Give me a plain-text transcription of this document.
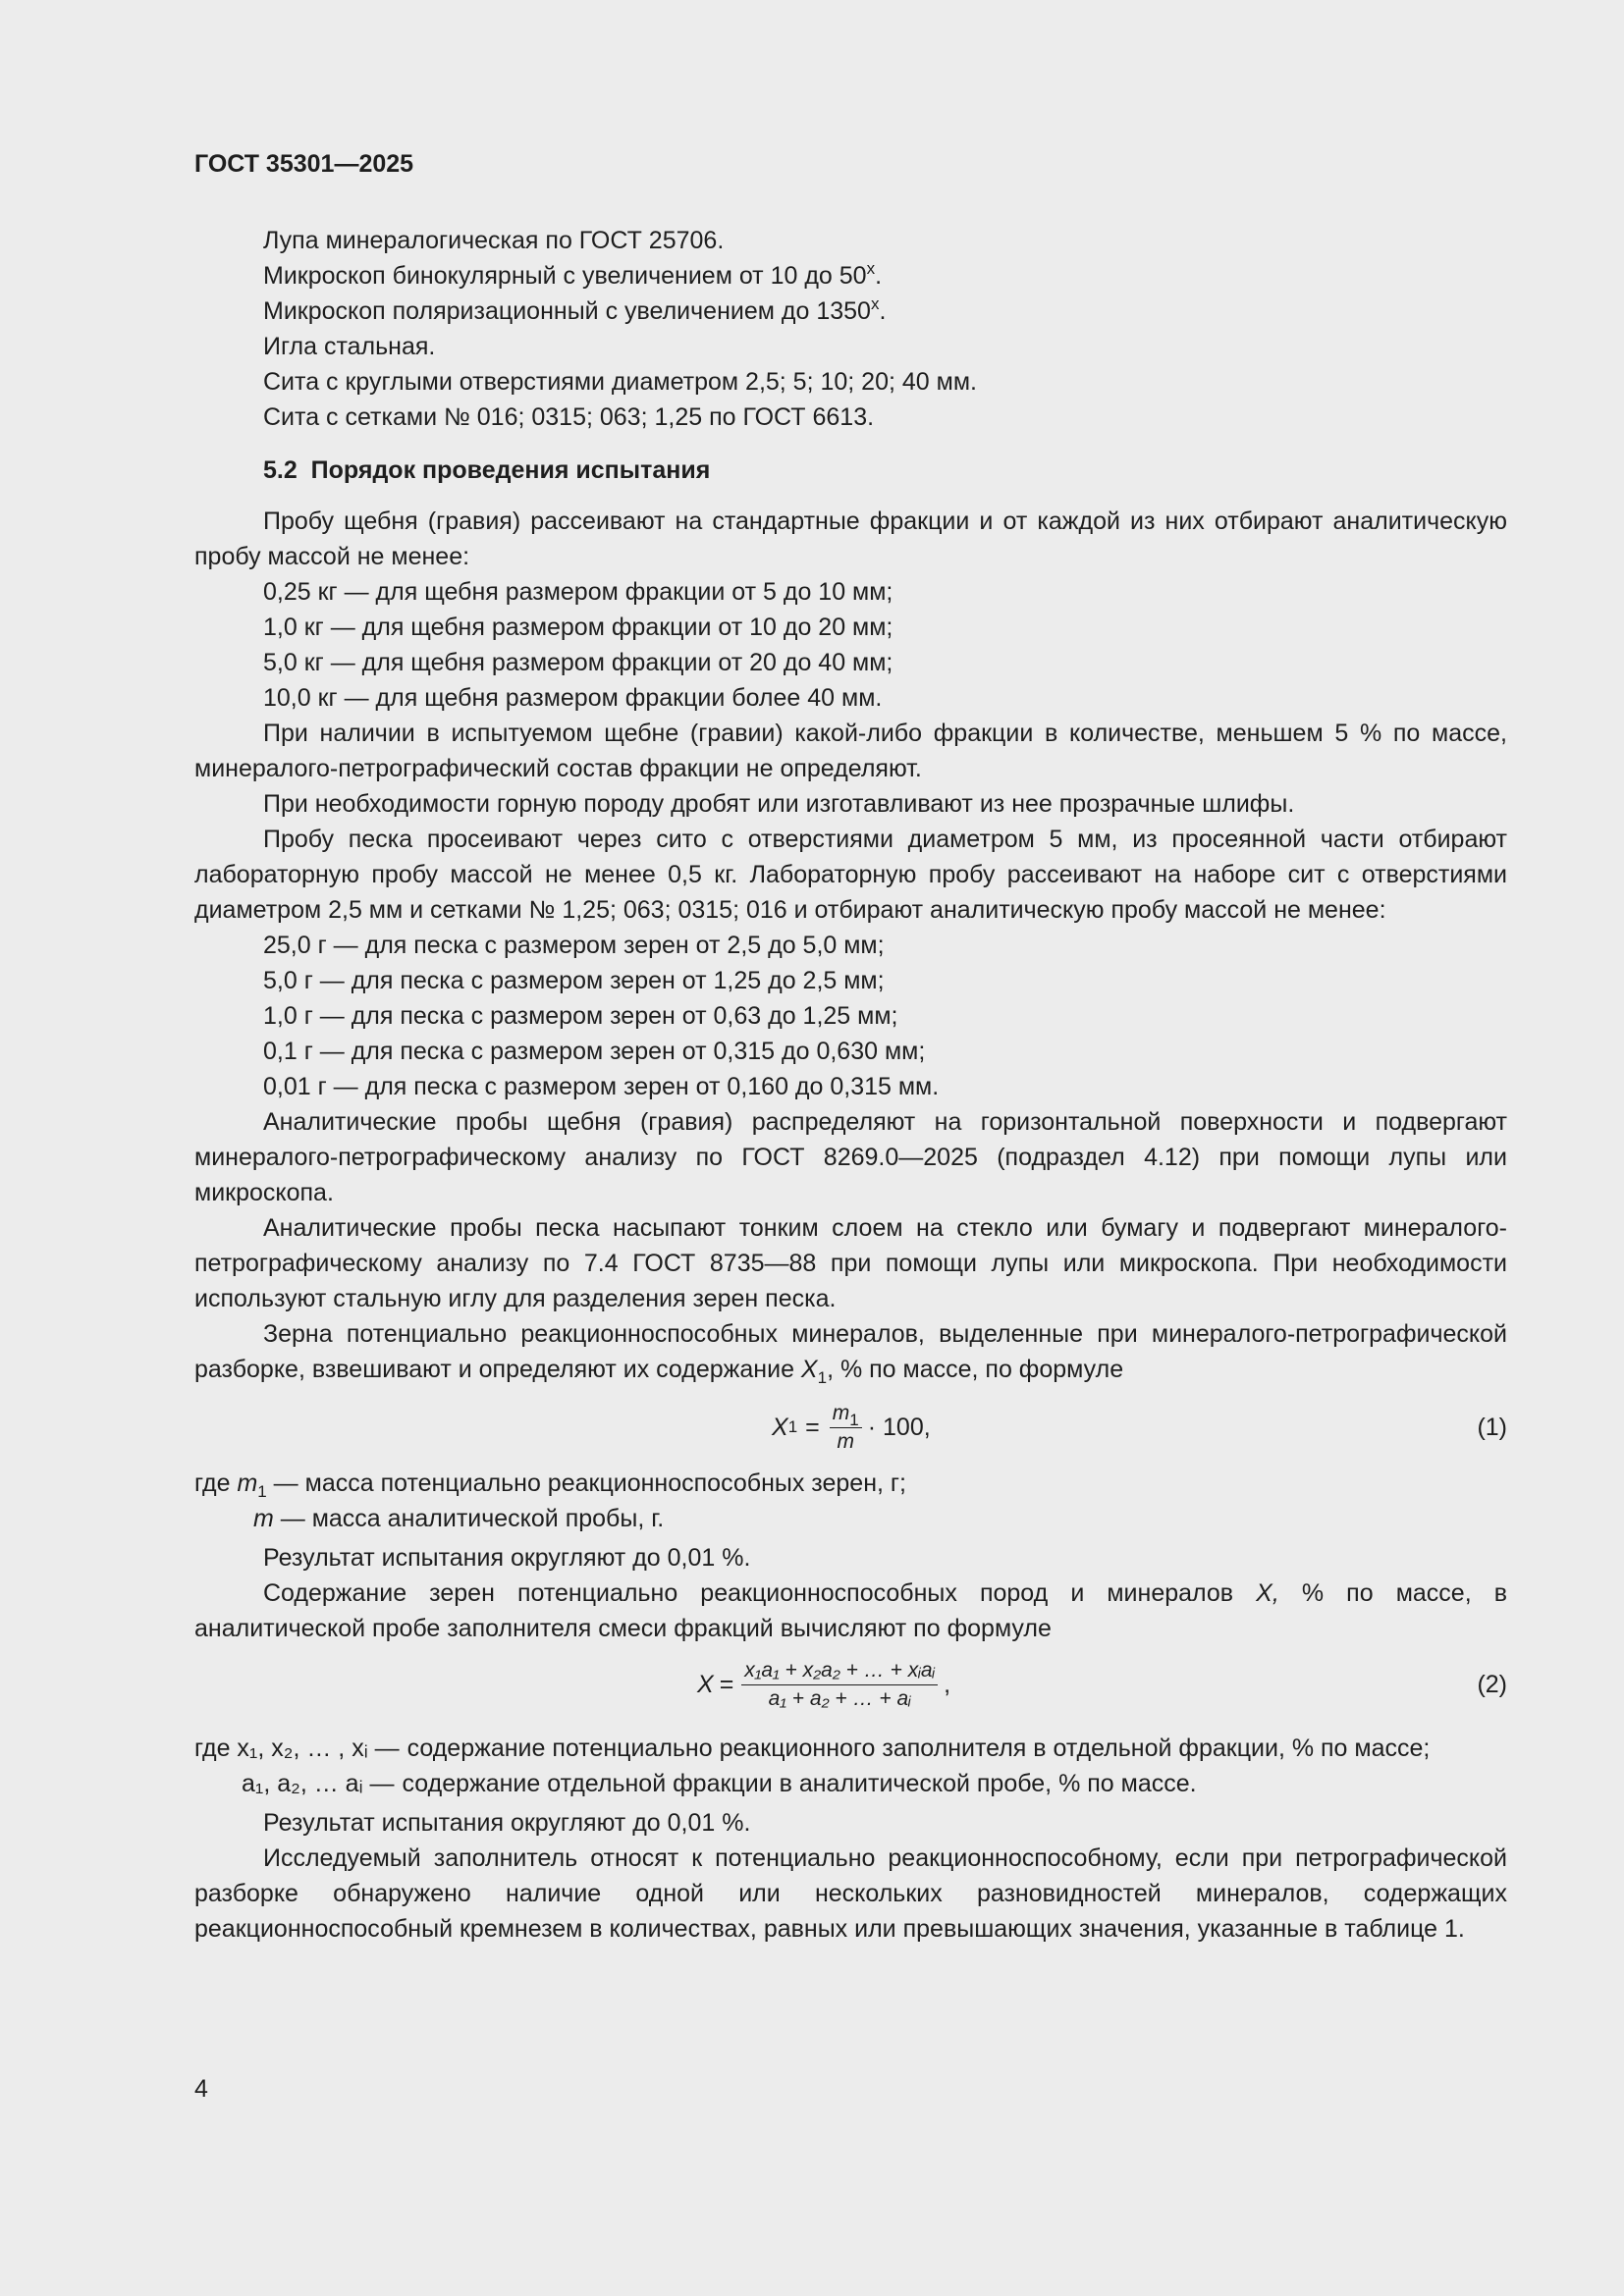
ГОСТ 35301—2025

Лупа минералогическая по ГОСТ 25706.

Микроскоп бинокулярный с увеличением от 10 до $50^х$.

Микроскоп поляризационный с увеличением до $1350^х$.

Игла стальная.

Сита с круглыми отверстиями диаметром 2,5; 5; 10; 20; 40 мм.

Сита с сетками № 016; 0315; 063; 1,25 по ГОСТ 6613.

5.2 Порядок проведения испытания

Пробу щебня (гравия) рассеивают на стандартные фракции и от каждой из них отбирают аналитическую пробу массой не менее:

0,25 кг — для щебня размером фракции от 5 до 10 мм;

1,0 кг — для щебня размером фракции от 10 до 20 мм;

5,0 кг — для щебня размером фракции от 20 до 40 мм;

10,0 кг — для щебня размером фракции более 40 мм.

При наличии в испытуемом щебне (гравии) какой-либо фракции в количестве, меньшем 5 % по массе, минералого-петрографический состав фракции не определяют.

При необходимости горную породу дробят или изготавливают из нее прозрачные шлифы.

Пробу песка просеивают через сито с отверстиями диаметром 5 мм, из просеянной части отбирают лабораторную пробу массой не менее 0,5 кг. Лабораторную пробу рассеивают на наборе сит с отверстиями диаметром 2,5 мм и сетками № 1,25; 063; 0315; 016 и отбирают аналитическую пробу массой не менее:

25,0 г — для песка с размером зерен от 2,5 до 5,0 мм;

5,0 г — для песка с размером зерен от 1,25 до 2,5 мм;

1,0 г — для песка с размером зерен от 0,63 до 1,25 мм;

0,1 г — для песка с размером зерен от 0,315 до 0,630 мм;

0,01 г — для песка с размером зерен от 0,160 до 0,315 мм.

Аналитические пробы щебня (гравия) распределяют на горизонтальной поверхности и подвергают минералого-петрографическому анализу по ГОСТ 8269.0—2025 (подраздел 4.12) при помощи лупы или микроскопа.

Аналитические пробы песка насыпают тонким слоем на стекло или бумагу и подвергают минералого-петрографическому анализу по 7.4 ГОСТ 8735—88 при помощи лупы или микроскопа. При необходимости используют стальную иглу для разделения зерен песка.

Зерна потенциально реакционноспособных минералов, выделенные при минералого-петрографической разборке, взвешивают и определяют их содержание $X_1$, % по массе, по формуле

X $1 = \frac{m_1}{m} \cdot 100$,	(1)

где $m_1$ — масса потенциально реакционноспособных зерен, г;

m — масса аналитической пробы, г.

Результат испытания округляют до 0,01 %.

Содержание зерен потенциально реакционноспособных пород и минералов X, % по массе, в аналитической пробе заполнителя смеси фракций вычисляют по формуле

$X = \frac{\text{x₁a₁ + x₂a₂ + … + xᵢaᵢ}}{\text{a₁ + a₂ + … + aᵢ}}$ ,	(2)
где x₁, x₂, … , xᵢ — содержание потенциально реакционного заполнителя в отдельной фракции, % по массе;
a₁, a₂, … aᵢ — содержание отдельной фракции в аналитической пробе, % по массе.

Результат испытания округляют до 0,01 %.

Исследуемый заполнитель относят к потенциально реакционноспособному, если при петрографической разборке обнаружено наличие одной или нескольких разновидностей минералов, содержащих реакционноспособный кремнезем в количествах, равных или превышающих значения, указанные в таблице 1.

4
